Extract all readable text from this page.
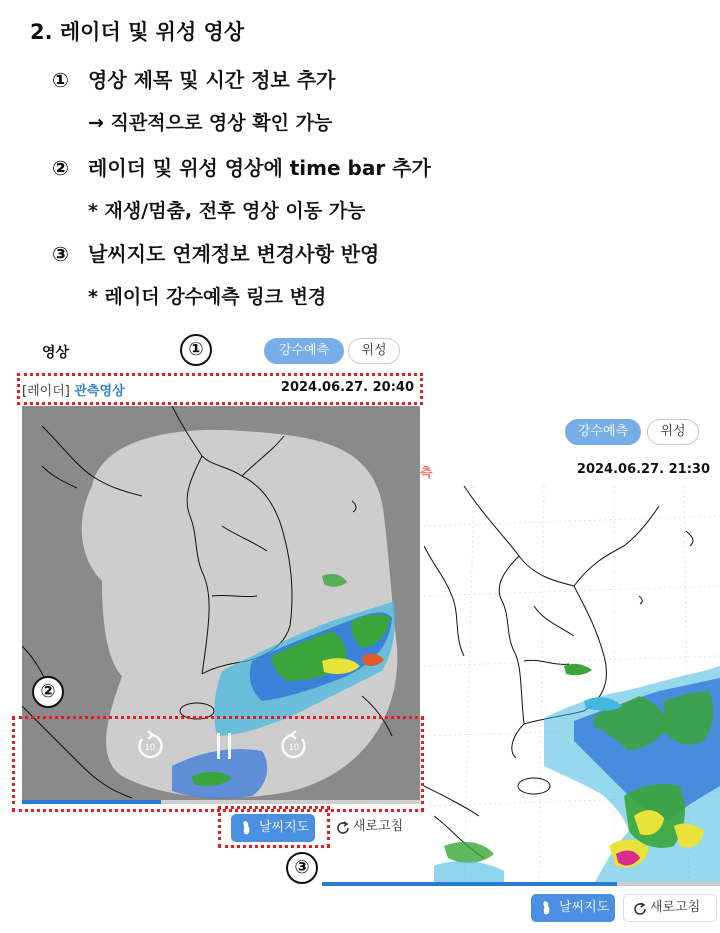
2. 레이더 및 위성 영상
① 영상 제목 및 시간 정보 추가
→ 직관적으로 영상 확인 가능
② 레이더 및 위성 영상에 time bar 추가
* 재생/멈춤, 전후 영상 이동 가능
③ 날씨지도 연계정보 변경사항 반영
* 레이더 강수예측 링크 변경
강수예측	위성
측	2024.06.27. 21:30
날씨지도	새로고침
영상	강수예측	위성
[레이더] 관측영상	2024.06.27. 20:40
10	10
날씨지도	새로고침
①
②
③
